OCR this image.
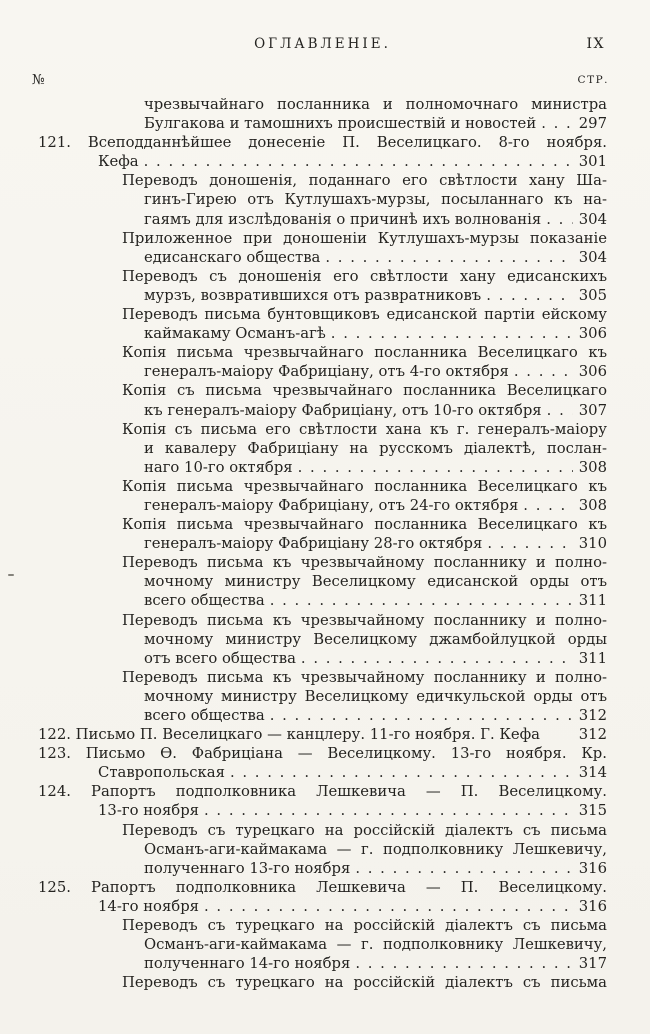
ОГЛАВЛЕНІЕ.	IX
№	СТР.
чрезвычайнаго посланника и полномочнаго министра
Булгакова и тамошнихъ происшествій и новостей . . .	297
121. Всеподданнѣйшее донесеніе П. Веселицкаго. 8-го ноября.
Кефа . . .	301
Переводъ доношенія, поданнаго его свѣтлости хану Ша-
гинъ-Гирею отъ Кутлушахъ-мурзы, посыланнаго къ на-
гаямъ для изслѣдованія о причинѣ ихъ волнованія . . .	304
Приложенное при доношеніи Кутлушахъ-мурзы показаніе
едисанскаго общества . . .	304
Переводъ съ доношенія его свѣтлости хану едисанскихъ
мурзъ, возвратившихся отъ развратниковъ . . .	305
Переводъ письма бунтовщиковъ едисанской партіи ейскому
каймакаму Османъ-агѣ . . .	306
Копія письма чрезвычайнаго посланника Веселицкаго къ
генералъ-маіору Фабриціану, отъ 4-го октября . . .	306
Копія съ письма чрезвычайнаго посланника Веселицкаго
къ генералъ-маіору Фабриціану, отъ 10-го октября . . .	307
Копія съ письма его свѣтлости хана къ г. генералъ-маіору
и кавалеру Фабриціану на русскомъ діалектѣ, послан-
наго 10-го октября . . .	308
Копія письма чрезвычайнаго посланника Веселицкаго къ
генералъ-маіору Фабриціану, отъ 24-го октября . . .	308
Копія письма чрезвычайнаго посланника Веселицкаго къ
генералъ-маіору Фабриціану 28-го октября . . .	310
Переводъ письма къ чрезвычайному посланнику и полно-
мочному министру Веселицкому едисанской орды отъ
всего общества . . .	311
Переводъ письма къ чрезвычайному посланнику и полно-
мочному министру Веселицкому джамбойлуцкой орды
отъ всего общества . . .	311
Переводъ письма къ чрезвычайному посланнику и полно-
мочному министру Веселицкому едичкульской орды отъ
всего общества . . .	312
122. Письмо П. Веселицкаго — канцлеру. 11-го ноября. Г. Кефа	312
123. Письмо Ѳ. Фабриціана — Веселицкому. 13-го ноября. Кр.
Ставропольская . . .	314
124. Рапортъ подполковника Лешкевича — П. Веселицкому.
13-го ноября . . .	315
Переводъ съ турецкаго на россійскій діалектъ съ письма
Османъ-аги-каймакама — г. подполковнику Лешкевичу,
полученнаго 13-го ноября . . .	316
125. Рапортъ подполковника Лешкевича — П. Веселицкому.
14-го ноября . . .	316
Переводъ съ турецкаго на россійскій діалектъ съ письма
Османъ-аги-каймакама — г. подполковнику Лешкевичу,
полученнаго 14-го ноября . . .	317
Переводъ съ турецкаго на россійскій діалектъ съ письма
